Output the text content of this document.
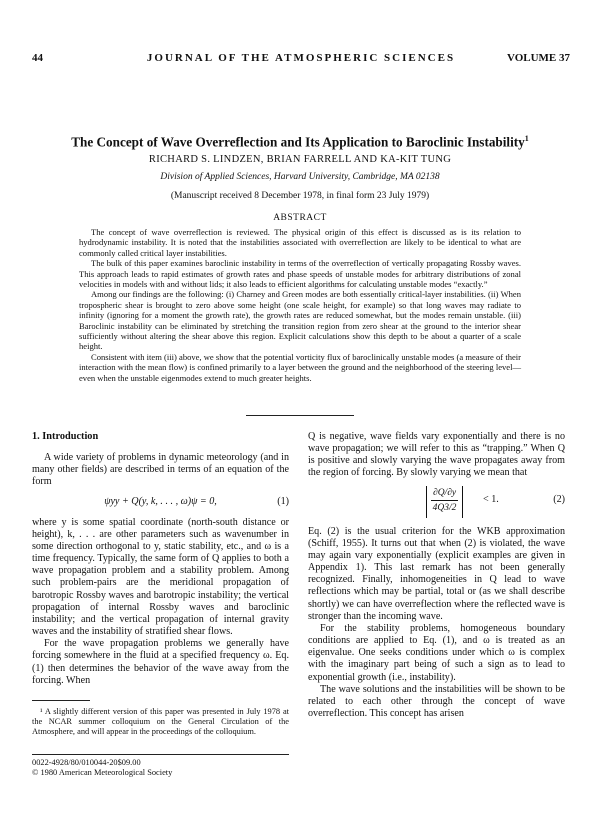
44	JOURNAL OF THE ATMOSPHERIC SCIENCES	VOLUME 37
The Concept of Wave Overreflection and Its Application to Baroclinic Instability$^1$
RICHARD S. LINDZEN, BRIAN FARRELL AND KA-KIT TUNG
Division of Applied Sciences, Harvard University, Cambridge, MA 02138
(Manuscript received 8 December 1978, in final form 23 July 1979)
ABSTRACT

The concept of wave overreflection is reviewed. The physical origin of this effect is discussed as is its relation to hydrodynamic instability. It is noted that the instabilities associated with overreflection are likely to be identical to what are commonly called critical layer instabilities.

The bulk of this paper examines baroclinic instability in terms of the overreflection of vertically propagating Rossby waves. This approach leads to rapid estimates of growth rates and phase speeds of unstable modes for arbitrary distributions of zonal velocities in models with and without lids; it also leads to efficient algorithms for calculating unstable modes “exactly.”

Among our findings are the following: (i) Charney and Green modes are both essentially critical-layer instabilities. (ii) When tropospheric shear is brought to zero above some height (one scale height, for example) so that long waves may radiate to infinity (ignoring for a moment the growth rate), the growth rates are reduced somewhat, but the modes remain unstable. (iii) Baroclinic instability can be eliminated by stretching the transition region from zero shear at the ground to the interior shear sufficiently without altering the shear above this region. Explicit calculations show this depth to be about a quarter of a scale height.

Consistent with item (iii) above, we show that the potential vorticity flux of baroclinically unstable modes (a measure of their interaction with the mean flow) is confined primarily to a layer between the ground and the neighborhood of the steering level—even when the unstable eigenmodes extend to much greater heights.

1. Introduction

A wide variety of problems in dynamic meteorology (and in many other fields) are described in terms of an equation of the form

ψyy + Q(y, k, . . . , ω)ψ = 0,	(1)

where y is some spatial coordinate (north-south distance or height), k, . . . are other parameters such as wavenumber in some direction orthogonal to y, static stability, etc., and ω is a time frequency. Typically, the same form of Q applies to both a wave propagation problem and a stability problem. Among such problem-pairs are the meridional propagation of barotropic Rossby waves and barotropic instability; the vertical propagation of internal Rossby waves and baroclinic instability; and the vertical propagation of internal gravity waves and the instability of stratified shear flows.

For the wave propagation problems we generally have forcing somewhere in the fluid at a specified frequency ω. Eq. (1) then determines the behavior of the wave away from the forcing. When

Q is negative, wave fields vary exponentially and there is no wave propagation; we will refer to this as “trapping.” When Q is positive and slowly varying the wave propagates away from the region of forcing. By slowly varying we mean that

$\frac{\partial Q/\partial y}{4Q3/2} < 1$.	(2)

Eq. (2) is the usual criterion for the WKB approximation (Schiff, 1955). It turns out that when (2) is violated, the wave may again vary exponentially (explicit examples are given in Appendix 1). This last remark has not been generally recognized. Finally, inhomogeneities in Q lead to wave reflections which may be partial, total or (as we shall describe shortly) we can have overreflection where the reflected wave is stronger than the incoming wave.

For the stability problems, homogeneous boundary conditions are applied to Eq. (1), and ω is treated as an eigenvalue. One seeks conditions under which ω is complex with the imaginary part being of such a sign as to lead to exponential growth (i.e., instability).

The wave solutions and the instabilities will be shown to be related to each other through the concept of wave overreflection. This concept has arisen

¹ A slightly different version of this paper was presented in July 1978 at the NCAR summer colloquium on the General Circulation of the Atmosphere, and will appear in the proceedings of the colloquium.

0022-4928/80/010044-20$09.00
© 1980 American Meteorological Society
